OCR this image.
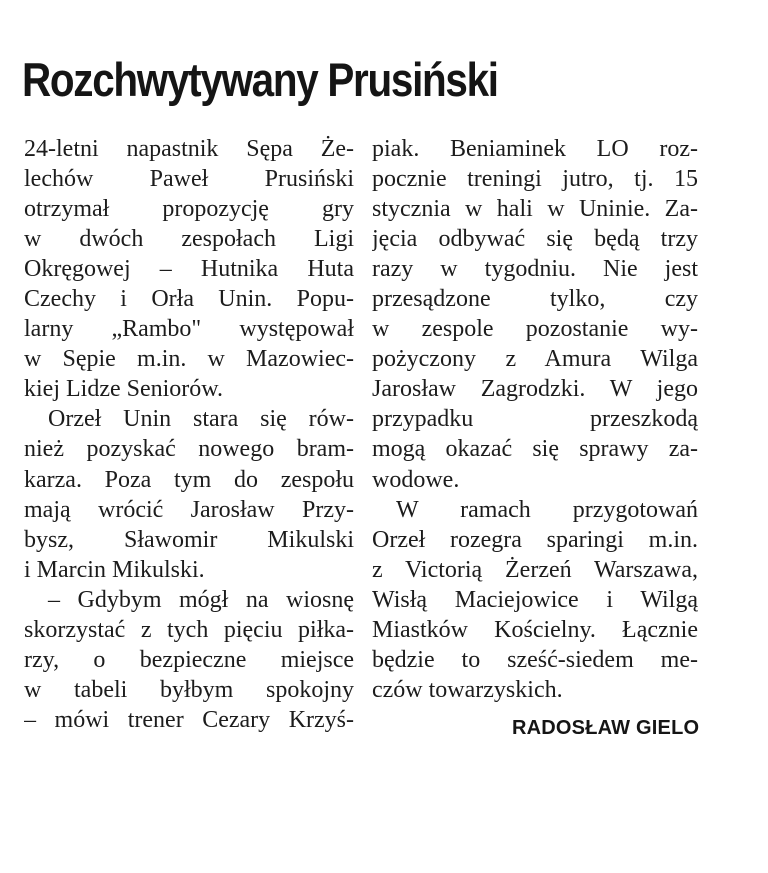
Rozchwytywany Prusiński
24-letni napastnik Sępa Że-
lechów Paweł Prusiński
otrzymał propozycję gry
w dwóch zespołach Ligi
Okręgowej – Hutnika Huta
Czechy i Orła Unin. Popu-
larny „Rambo" występował
w Sępie m.in. w Mazowiec-
kiej Lidze Seniorów.
Orzeł Unin stara się rów-
nież pozyskać nowego bram-
karza. Poza tym do zespołu
mają wrócić Jarosław Przy-
bysz, Sławomir Mikulski
i Marcin Mikulski.
– Gdybym mógł na wiosnę
skorzystać z tych pięciu piłka-
rzy, o bezpieczne miejsce
w tabeli byłbym spokojny
– mówi trener Cezary Krzyś-
piak. Beniaminek LO roz-
pocznie treningi jutro, tj. 15
stycznia w hali w Uninie. Za-
jęcia odbywać się będą trzy
razy w tygodniu. Nie jest
przesądzone tylko, czy
w zespole pozostanie wy-
pożyczony z Amura Wilga
Jarosław Zagrodzki. W jego
przypadku przeszkodą
mogą okazać się sprawy za-
wodowe.
W ramach przygotowań
Orzeł rozegra sparingi m.in.
z Victorią Żerzeń Warszawa,
Wisłą Maciejowice i Wilgą
Miastków Kościelny. Łącznie
będzie to sześć-siedem me-
czów towarzyskich.
RADOSŁAW GIELO
